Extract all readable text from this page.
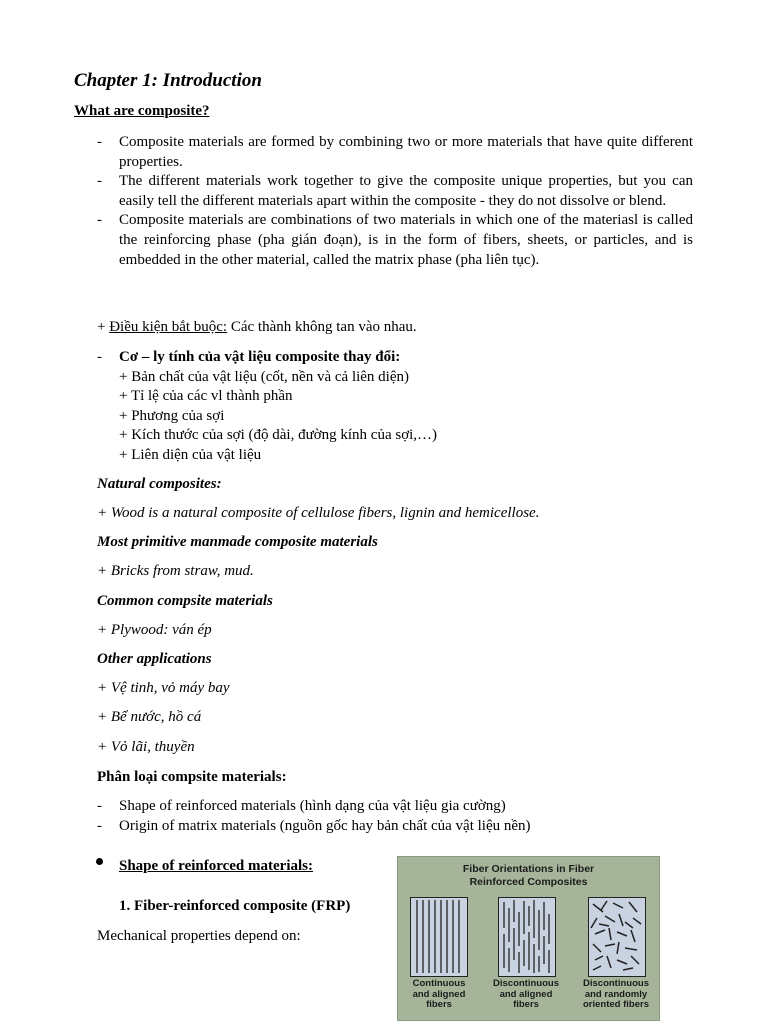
Chapter 1: Introduction
What are composite?
- Composite materials are formed by combining two or more materials that have quite different properties.
- The different materials work together to give the composite unique properties, but you can easily tell the different materials apart within the composite - they do not dissolve or blend.
- Composite materials are combinations of two materials in which one of the materiasl is called the reinforcing phase (pha gián đoạn), is in the form of fibers, sheets, or particles, and is embedded in the other material, called the matrix phase (pha liên tục).
+ Điều kiện bắt buộc: Các thành không tan vào nhau.
- Cơ – ly tính của vật liệu composite thay đổi:
+ Bản chất của vật liệu (cốt, nền và cả liên diện)
+ Tỉ lệ của các vl thành phần
+ Phương của sợi
+ Kích thước của sợi (độ dài, đường kính của sợi,…)
+ Liên diện của vật liệu
Natural composites:
+ Wood is a natural composite of cellulose fibers, lignin and hemicellose.
Most primitive manmade composite materials
+ Bricks from straw, mud.
Common compsite materials
+ Plywood: ván ép
Other applications
+ Vệ tinh, vỏ máy bay
+ Bể nước, hồ cá
+ Vỏ lãi, thuyền
Phân loại compsite materials:
- Shape of reinforced materials (hình dạng của vật liệu gia cường)
- Origin of matrix materials (nguồn gốc hay bản chất của vật liệu nền)
Shape of reinforced materials:
1. Fiber-reinforced composite (FRP)
Mechanical properties depend on:
Fiber Orientations in Fiber
Reinforced Composites
Continuous
and aligned
fibers
Discontinuous
and aligned
fibers
Discontinuous
and randomly
oriented fibers
